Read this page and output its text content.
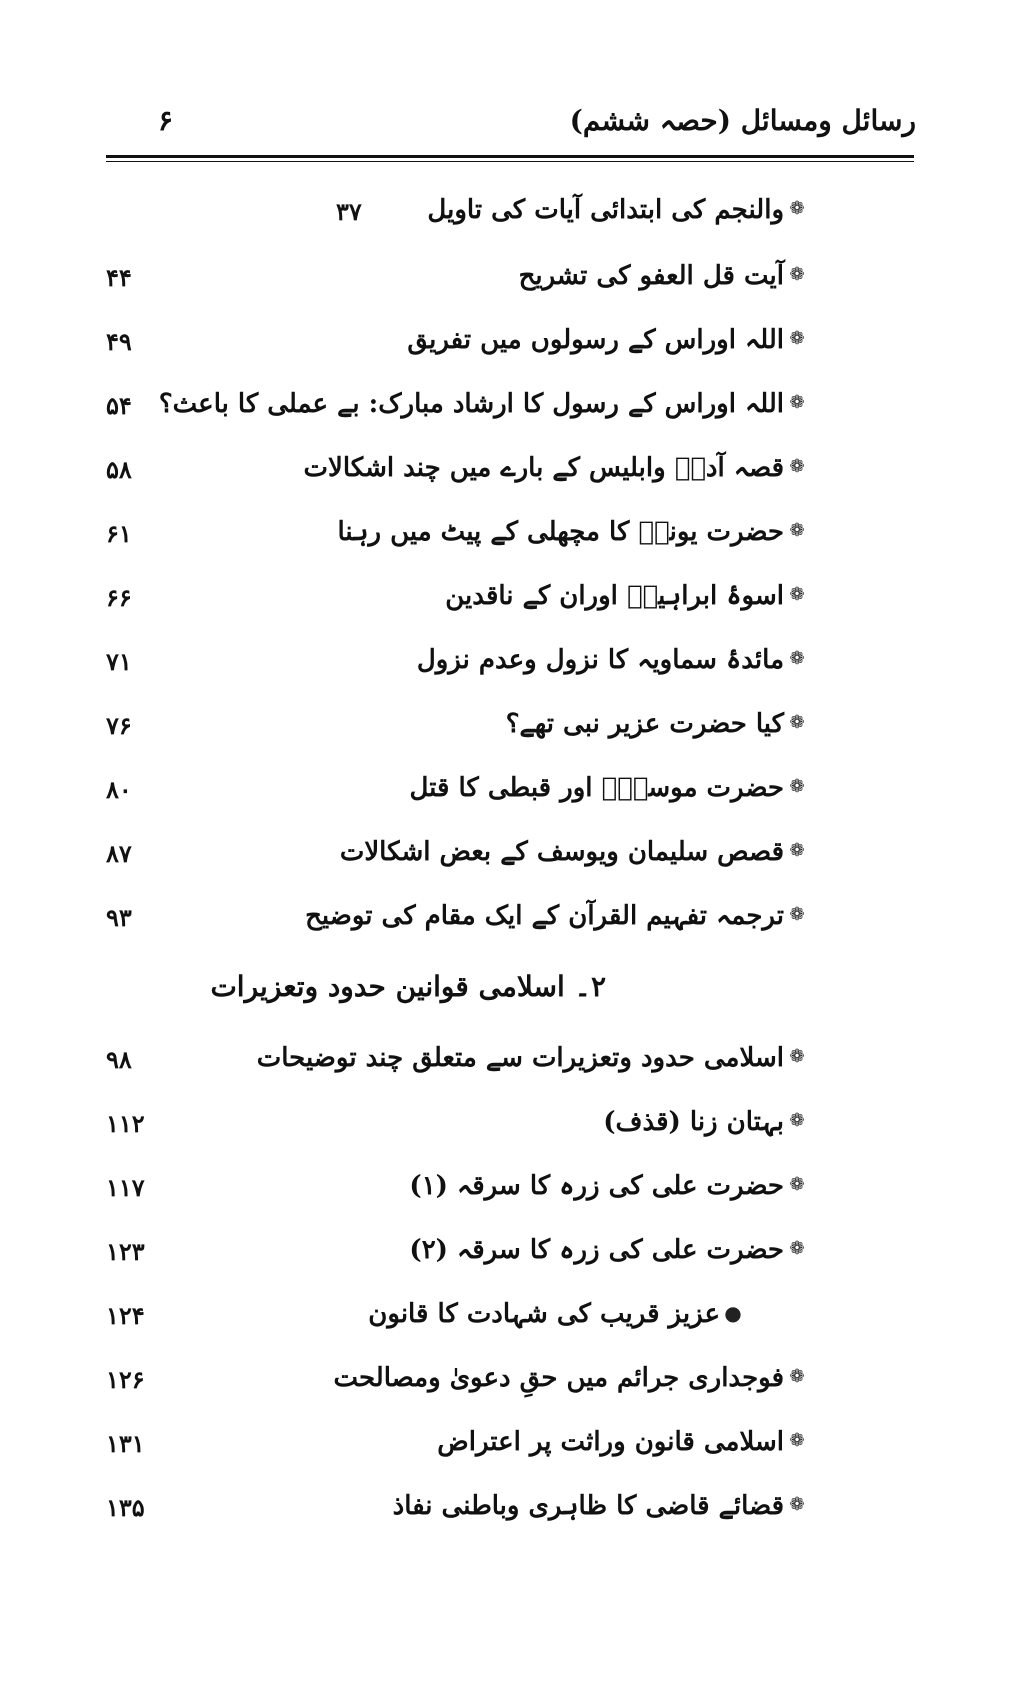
رسائل ومسائل (حصہ ششم)
۶
❁
والنجم کی ابتدائی آیات کی تاویل
۳۷
❁
آیت قل العفو کی تشریح
۴۴
❁
اللہ اوراس کے رسولوں میں تفریق
۴۹
❁
اللہ اوراس کے رسول کا ارشاد مبارک: بے عملی کا باعث؟
۵۴
❁
قصہ آدمؑ وابلیس کے بارے میں چند اشکالات
۵۸
❁
حضرت یونسؑ کا مچھلی کے پیٹ میں رہنا
۶۱
❁
اسوۂ ابراہیمؑ اوران کے ناقدین
۶۶
❁
مائدۂ سماویہ کا نزول وعدم نزول
۷۱
❁
کیا حضرت عزیر نبی تھے؟
۷۶
❁
حضرت موسیٰؑ اور قبطی کا قتل
۸۰
❁
قصص سلیمان ویوسف کے بعض اشکالات
۸۷
❁
ترجمہ تفہیم القرآن کے ایک مقام کی توضیح
۹۳
۲۔ اسلامی قوانین حدود وتعزیرات
❁
اسلامی حدود وتعزیرات سے متعلق چند توضیحات
۹۸
❁
بہتان زنا (قذف)
۱۱۲
❁
حضرت علی کی زرہ کا سرقہ (۱)
۱۱۷
❁
حضرت علی کی زرہ کا سرقہ (۲)
۱۲۳
●
عزیز قریب کی شہادت کا قانون
۱۲۴
❁
فوجداری جرائم میں حقِ دعویٰ ومصالحت
۱۲۶
❁
اسلامی قانون وراثت پر اعتراض
۱۳۱
❁
قضائے قاضی کا ظاہری وباطنی نفاذ
۱۳۵
